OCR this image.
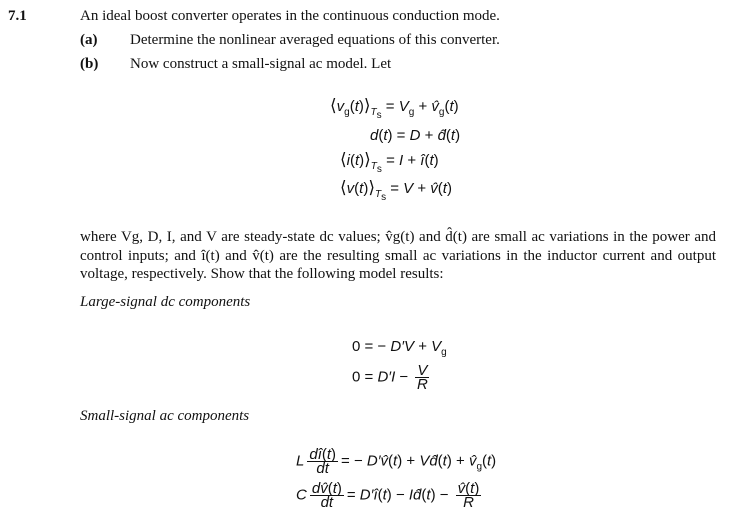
7.1	An ideal boost converter operates in the continuous conduction mode.
(a) Determine the nonlinear averaged equations of this converter.
(b) Now construct a small-signal ac model. Let
$⟨v_g(t)⟩_{T_s} = V_g$ + $v̂_g(t)$
d(t) = D + d̂(t)
$⟨i(t)⟩_{T_s} = I$ + î(t)
$⟨v(t)⟩_{T_s} = V$ + v̂(t)
where Vg, D, I, and V are steady-state dc values; v̂g(t) and d̂(t) are small ac variations in the power and control inputs; and î(t) and v̂(t) are the resulting small ac variations in the inductor current and output voltage, respectively. Show that the following model results:
Large-signal dc components
0 = − $D'V + V_g$
$0 = D'I - \frac{V}{R}$
Small-signal ac components
L $\frac{dî(t)}{dt}$ = − D′v̂(t) + Vd̂(t) + $v̂_g(t)$
C $\frac{dv̂(t)}{dt}$ = D′î(t) − Id̂(t) − $\frac{v̂(t)}{R}$
